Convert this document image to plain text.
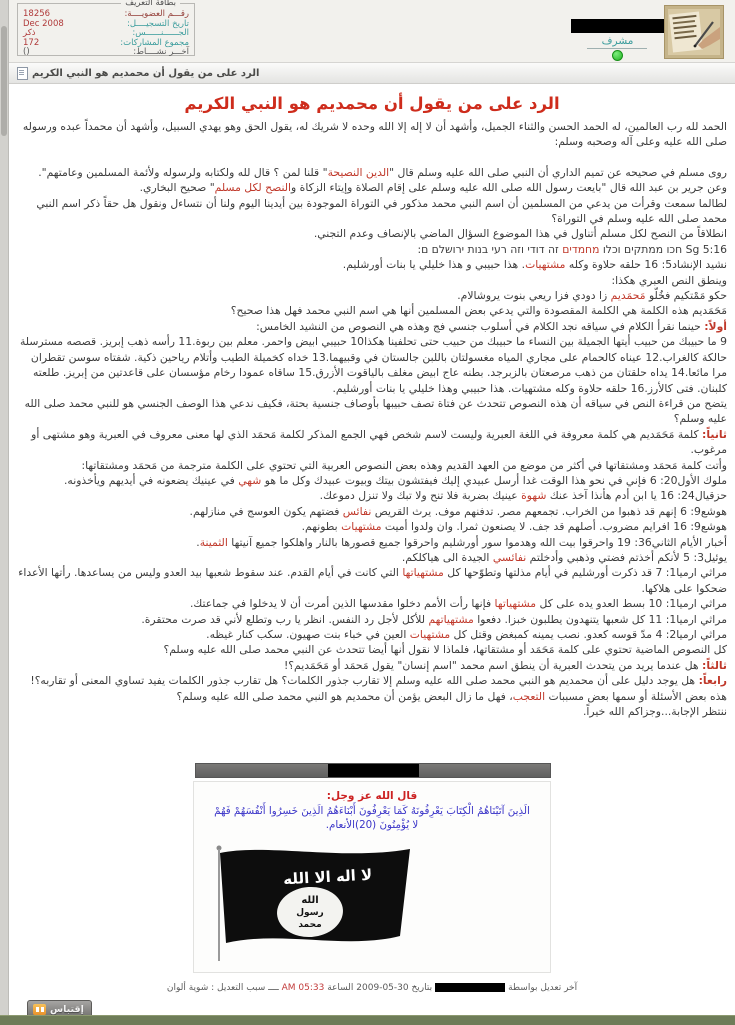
بطاقة التعريف
رقـــم العضويــــة:
18256
تاريخ التسجيــــل:
Dec 2008
الجــــــنــــــس:
ذكر
مجموع المشاركات:
172
آخـــر نشــــاط:
()
مشرف
الرد على من يقول أن محمديم هو النبي الكريم
الرد على من يقول أن محمديم هو النبي الكريم
الحمد لله رب العالمين، له الحمد الحسن والثناء الجميل، وأشهد أن لا إله إلا الله وحده لا شريك له، يقول الحق وهو يهدي السبيل، وأشهد أن محمداً عبده ورسوله صلى الله عليه وعلى آله وصحبه وسلم:
روى مسلم في صحيحه عن تميم الداري أن النبي صلى الله عليه وسلم قال "الدين النصيحة" قلنا لمن ؟ قال لله ولكتابه ولرسوله ولأئمة المسلمين وعامتهم".
وعن جرير بن عبد الله قال "بايعت رسول الله صلى الله عليه وسلم على إقام الصلاة وإيتاء الزكاة والنصح لكل مسلم" صحيح البخاري.
لطالما سمعت وقرأت من يدعي من المسلمين أن اسم النبي محمد مذكور في التوراة الموجودة بين أيدينا اليوم ولنا أن نتساءل ونقول هل حقاً ذكر اسم النبي محمد صلى الله عليه وسلم في التوراة؟
انطلاقاً من النصح لكل مسلم أتناول في هذا الموضوع السؤال الماضي بالإنصاف وعدم التجني.
Sg 5:16 חכו ממתקים וכלו מחמדים זה דודי וזה רעי בנות ירושלם ם:
نشيد الإنشاد5: 16 حلقه حلاوة وكله مشتهيات. هذا حبيبي و هذا خليلي يا بنات أورشليم.
وينطق النص العبري هكذا:
حكو مَمْتكيم فخُلّو مَحمَديم زا دودي فزا ريعي بنوت يروشالام.
مَحَمَديم هذه الكلمة هي الكلمة المقصودة والتي يدعي بعض المسلمين أنها هي اسم النبي محمد فهل هذا صحيح؟
أولاً: حينما نقرأ الكلام في سياقه نجد الكلام في أسلوب جنسي فج وهذه هي النصوص من النشيد الخامس:
9 ما حبيبك من حبيب أيتها الجميلة بين النساء ما حبيبك من حبيب حتى تحلفينا هكذا10 حبيبي ابيض واحمر. معلم بين ربوة.11 رأسه ذهب إبريز. قصصه مسترسلة حالكة كالغراب.12 عيناه كالحمام على مجاري المياه مغسولتان باللبن جالستان في وقبيهما.13 خداه كخميلة الطيب وأتلام رياحين ذكية. شفتاه سوسن تقطران مرا مائعا.14 يداه حلقتان من ذهب مرصعتان بالزبرجد. بطنه عاج ابيض مغلف بالياقوت الأزرق.15 ساقاه عمودا رخام مؤسسان على قاعدتين من إبريز. طلعته كلبنان. فتى كالأرز.16 حلقه حلاوة وكله مشتهيات. هذا حبيبي وهذا خليلي يا بنات أورشليم.
يتضح من قراءة النص في سياقه أن هذه النصوص تتحدث عن فتاة تصف حبيبها بأوصاف جنسية بحتة، فكيف ندعي هذا الوصف الجنسي هو للنبي محمد صلى الله عليه وسلم؟
ثانياً: كلمة مَحَمَديم هي كلمة معروفة في اللغة العبرية وليست لاسم شخص فهي الجمع المذكر لكلمة مَحمَد الذي لها معنى معروف في العبرية وهو مشتهى أو مرغوب.
وأتت كلمة مَحمَد ومشتقاتها في أكثر من موضع من العهد القديم وهذه بعض النصوص العربية التي تحتوي على الكلمة مترجمة من مَحمَد ومشتقاتها:
ملوك الأول20: 6 فإني في نحو هذا الوقت غدا أرسل عبيدي إليك فيفتشون بيتك وبيوت عبيدك وكل ما هو شهي في عينيك يضعونه في أيديهم ويأخذونه.
حزقيال24: 16 يا ابن أدم هأنذا آخذ عنك شهوة عينيك بضربة فلا تنح ولا تبك ولا تنزل دموعك.
هوشع9: 6 إنهم قد ذهبوا من الخراب. تجمعهم مصر. تدفنهم موف. يرث القريص نفائس فضتهم يكون العوسج في منازلهم.
هوشع9: 16 افرايم مضروب. أصلهم قد جف. لا يصنعون ثمرا. وان ولدوا أميت مشتهيات بطونهم.
أخبار الأيام الثاني36: 19 واحرقوا بيت الله وهدموا سور أورشليم واحرقوا جميع قصورها بالنار واهلكوا جميع آنيتها الثمينة.
يوئيل3: 5 لأنكم أخذتم فضتي وذهبي وأدخلتم نفائسي الجيدة الى هياكلكم.
مراثي ارميا1: 7 قد ذكرت أورشليم في أيام مذلتها وتطوّحها كل مشتهياتها التي كانت في أيام القدم. عند سقوط شعبها بيد العدو وليس من يساعدها. رأتها الأعداء ضحكوا على هلاكها.
مراثي ارميا1: 10 بسط العدو يده على كل مشتهياتها فإنها رأت الأمم دخلوا مقدسها الذين أمرت أن لا يدخلوا في جماعتك.
مراثي ارميا1: 11 كل شعبها يتنهدون يطلبون خبزا. دفعوا مشتهياتهم للأكل لأجل رد النفس. انظر يا رب وتطلع لأني قد صرت محتقرة.
مراثي ارميا2: 4 مدّ قوسه كعدو. نصب يمينه كمبغض وقتل كل مشتهيات العين في خباء بنت صهيون. سكب كنار غيظه.
كل النصوص الماضية تحتوي على كلمة مَحَمَد أو مشتقاتها، فلماذا لا نقول أنها أيضا تتحدث عن النبي محمد صلى الله عليه وسلم؟
ثالثاً: هل عندما يريد من يتحدث العبرية أن ينطق اسم محمد "اسم إنسان" يقول مَحمَد أو مَحَمَديم؟!
رابعاً: هل يوجد دليل على أن محمديم هو النبي محمد صلى الله عليه وسلم إلا تقارب جذور الكلمات؟ هل تقارب جذور الكلمات يفيد تساوي المعنى أو تقاربه؟!
هذه بعض الأسئلة أو سمها بعض مسببات التعجب، فهل ما زال البعض يؤمن أن محمديم هو النبي محمد صلى الله عليه وسلم؟
ننتظر الإجابة...وجزاكم الله خيراً.
قال الله عز وجل:
الَذِينَ آتَيْنَاهُمُ الْكِتَابَ يَعْرِفُونَهُ كَمَا يَعْرِفُونَ أَبْنَاءَهُمُ الَذِينَ خَسِرُوا أَنْفُسَهُمْ فَهُمْ لا يُؤْمِنُونَ (20)الأنعام.
لا اله الا الله
الله
رسول
محمد
آخر تعديل بواسطةبتاريخ 30-05-2009 الساعة 05:33 AM ــــ سبب التعديل : شوية ألوان
إقتباس
